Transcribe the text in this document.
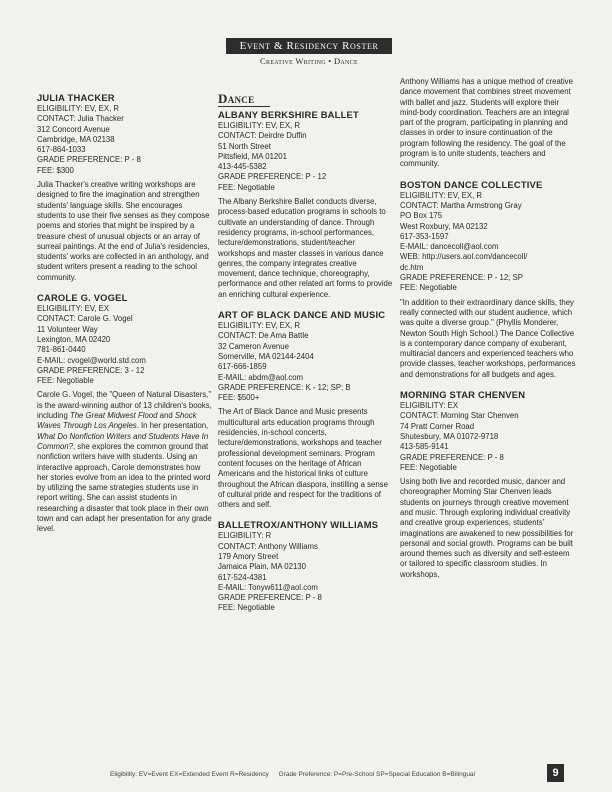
Event & Residency Roster
Creative Writing • Dance
JULIA THACKER
ELIGIBILITY: EV, EX, R
CONTACT: Julia Thacker
312 Concord Avenue
Cambridge, MA 02138
617-864-1033
GRADE PREFERENCE: P - 8
FEE: $300
Julia Thacker's creative writing workshops are designed to fire the imagination and strengthen students' language skills. She encourages students to use their five senses as they compose poems and stories that might be inspired by a treasure chest of unusual objects or an array of surreal paintings. At the end of Julia's residencies, students' works are collected in an anthology, and student writers present a reading to the school community.
CAROLE G. VOGEL
ELIGIBILITY: EV, EX
CONTACT: Carole G. Vogel
11 Volunteer Way
Lexington, MA 02420
781-861-0440
E-MAIL: cvogel@world.std.com
GRADE PREFERENCE: 3 - 12
FEE: Negotiable
Carole G. Vogel, the "Queen of Natural Disasters," is the award-winning author of 13 children's books, including The Great Midwest Flood and Shock Waves Through Los Angeles. In her presentation, What Do Nonfiction Writers and Students Have In Common?, she explores the common ground that nonfiction writers have with students. Using an interactive approach, Carole demonstrates how her stories evolve from an idea to the printed word by utilizing the same strategies students use in report writing. She can assist students in researching a disaster that took place in their own town and can adapt her presentation for any grade level.
Dance
ALBANY BERKSHIRE BALLET
ELIGIBILITY: EV, EX, R
CONTACT: Deirdre Duffin
51 North Street
Pittsfield, MA 01201
413-445-5382
GRADE PREFERENCE: P - 12
FEE: Negotiable
The Albany Berkshire Ballet conducts diverse, process-based education programs in schools to cultivate an understanding of dance. Through residency programs, in-school performances, lecture/demonstrations, student/teacher workshops and master classes in various dance genres, the company integrates creative movement, dance technique, choreography, performance and other related art forms to provide an enriching cultural experience.
ART OF BLACK DANCE AND MUSIC
ELIGIBILITY: EV, EX, R
CONTACT: De Ama Battle
32 Cameron Avenue
Somerville, MA 02144-2404
617-666-1859
E-MAIL: abdm@aol.com
GRADE PREFERENCE: K - 12; SP; B
FEE: $500+
The Art of Black Dance and Music presents multicultural arts education programs through residencies, in-school concerts, lecture/demonstrations, workshops and teacher professional development seminars. Program content focuses on the heritage of African Americans and the historical links of culture throughout the African diaspora, instilling a sense of cultural pride and respect for the traditions of others and self.
BALLETROX/ANTHONY WILLIAMS
ELIGIBILITY: R
CONTACT: Anthony Williams
179 Amory Street
Jamaica Plain, MA 02130
617-524-4381
E-MAIL: Tonyw611@aol.com
GRADE PREFERENCE: P - 8
FEE: Negotiable

Anthony Williams has a unique method of creative dance movement that combines street movement with ballet and jazz. Students will explore their mind-body coordination. Teachers are an integral part of the program, participating in planning and classes in order to insure continuation of the program following the residency. The goal of the program is to unite students, teachers and community.

BOSTON DANCE COLLECTIVE
ELIGIBILITY: EV, EX, R
CONTACT: Martha Armstrong Gray
PO Box 175
West Roxbury, MA 02132
617-353-1597
E-MAIL: dancecoll@aol.com
WEB: http://users.aol.com/dancecoll/
dc.htm
GRADE PREFERENCE: P - 12; SP
FEE: Negotiable
"In addition to their extraordinary dance skills, they really connected with our student audience, which was quite a diverse group." (Phyllis Monderer, Newton South High School.) The Dance Collective is a contemporary dance company of exuberant, multiracial dancers and experienced teachers who provide classes, teacher workshops, performances and demonstrations for all budgets and ages.
MORNING STAR CHENVEN
ELIGIBILITY: EX
CONTACT: Morning Star Chenven
74 Pratt Corner Road
Shutesbury, MA 01072-9718
413-585-9141
GRADE PREFERENCE: P - 8
FEE: Negotiable
Using both live and recorded music, dancer and choreographer Morning Star Chenven leads students on journeys through creative movement and music. Through exploring individual creativity and creative group experiences, students' imaginations are awakened to new possibilities for personal and social growth. Programs can be built around themes such as diversity and self-esteem or tailored to specific classroom studies. In workshops,
Eligibility: EV=Event EX=Extended Event R=Residency Grade Preference: P=Pre-School SP=Special Education B=Bilingual	9
